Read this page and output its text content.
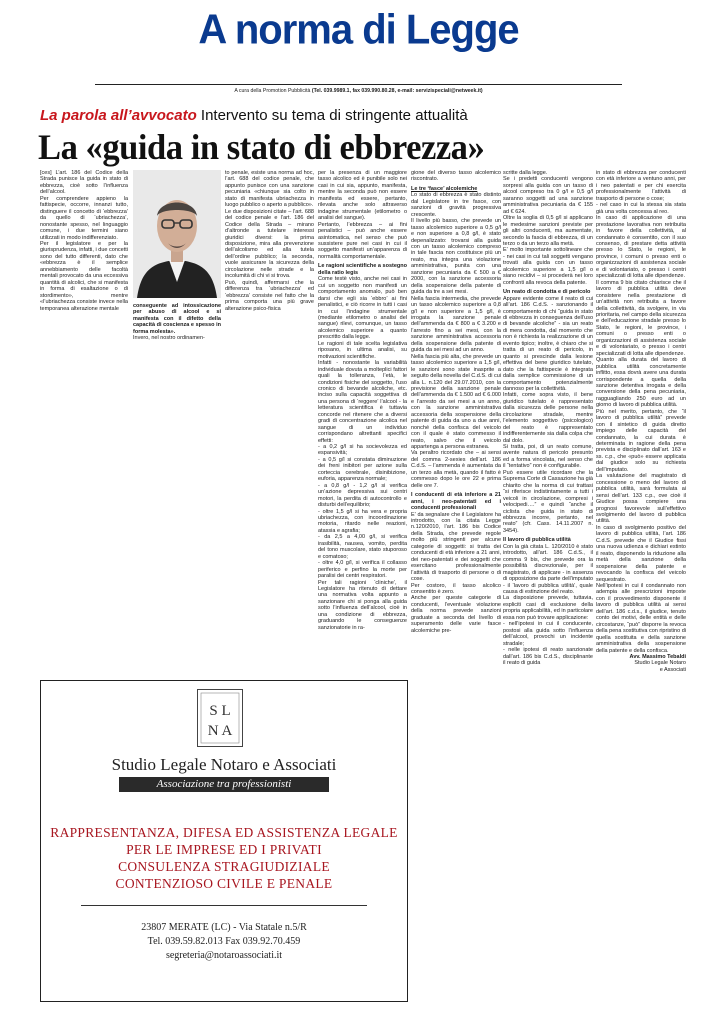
A norma di Legge
A cura della Promotion Pubblicità (Tel. 039.9989.1, fax 039.990.80.28, e-mail: servizispeciali@netweek.it)
La parola all’avvocato Intervento su tema di stringente attualità
La «guida in stato di ebbrezza»

[ces] L’art. 186 del Codice della Strada punisce la guida in stato di ebbrezza, cioè sotto l’influenza dell’alcool.

Per comprendere appieno la fattispecie, occorre, innanzi tutto, distinguere il concetto di ‘ebbrezza’ da quello di ‘ubriachezza’, nonostante spesso, nel linguaggio comune, i due termini siano utilizzati in modo indifferenziato.

Per il legislatore e per la giurisprudenza, infatti, i due concetti sono del tutto differenti, dato che «ebbrezza è il semplice annebbiamento delle facoltà mentali provocato da una eccessiva quantità di alcolici, che si manifesta in forma di esaltazione o di stordimento», mentre «l’ubriachezza consiste invece nella temporanea alterazione mentale	conseguente ad intossicazione per abuso di alcool e si manifesta con il difetto della capacità di coscienza e spesso in forma molesta».

Invero, nel nostro ordinamen-

to penale, esiste una norma ad hoc, l’art. 688 del codice penale, che appunto punisce con una sanzione pecuniaria «chiunque sia colto in stato di manifesta ubriachezza in luogo pubblico o aperto a pubblico».

Le due disposizioni citate – l’art. 688 del codice penale e l’art. 186 del Codice della Strada – mirano d’altronde a tutelare interessi giuridici diversi: la prima disposizione, mira alla prevenzione dell’alcolismo ed alla tutela dell’ordine pubblico; la seconda, vuole assicurare la sicurezza della circolazione nelle strade e la incolumità di chi vi si trova.

Può, quindi, affermarsi che la differenza tra ‘ubriachezza’ ed ‘ebbrezza’ consiste nel fatto che la prima comporta una più grave alterazione psico-fisica

per la presenza di un maggiore tasso alcolico ed è punibile solo nei casi in cui sia, appunto, manifesta, mentre la seconda può non essere manifesta ed essere, pertanto, rilevata anche solo attraverso indagine strumentale (etilometro o analisi del sangue).

Pertanto, l’ebbrezza – ai fini penalistici – può anche essere asintomatica, nel senso che può sussistere pure nei casi in cui il soggetto manifesti un’apparenza di normalità comportamentale.

Le ragioni scientifiche a sostegno della ratio legis

Come testè visto, anche nei casi in cui un soggetto non manifesti un comportamento anomalo, può ben darsi che egli sia ‘ebbro’ ai fini penalistici, e ciò ricorre in tutti i casi in cui l’indagine strumentale (mediante etilometro o analisi del sangue) rilevi, comunque, un tasso alcolemico superiore a quanto prescritto dalla legge.

Le ragioni di tale scelta legislativa riposano, in ultima analisi, su motivazioni scientifiche.

Infatti - nonostante la variabilità individuale dovuta a molteplici fattori quali la tolleranza, l’età, le condizioni fisiche del soggetto, l’uso cronico di bevande alcoliche, etc. inciso sulla capacità soggettiva di una persona di ‘reggere’ l’alcool - la letteratura scientifica è tuttavia concorde nel ritenere che a diversi gradi di concentrazione alcolica nel sangue di un individuo corrispondano altrettanti specifici effetti:

- a 0,2 g/l si ha socievolezza ed espansività;

- a 0,5 g/l si constata diminuzione dei freni inibitori per azione sulla corteccia cerebrale, disinibizione, euforia, apparenza normale;

- a 0,8 g/l - 1,2 g/l si verifica un’azione depressiva sui centri motori, la perdita di autocontrollo e disturbi dell’equilibrio;

- oltre 1,5 g/l si ha vera e propria ubriachezza, con incoordinazione motoria, ritardo nelle reazioni, atassia e agrafia;

- da 2,5 a 4,00 g/l, si verifica irasibilità, nausea, vomito, perdita del tono muscolare, stato stuporoso e comatoso;

- oltre 4,0 g/l, si verifica il collasso periferico e perfino la morte per paralisi dei centri respiratori.

Per tali ragioni ‘cliniche’, il Legislatore ha ritenuto di dettare una normativa volta appunto a sanzionare chi si ponga alla guida sotto l’influenza dell’alcool, cioè in una condizione di ebbrezza, graduando le conseguenze sanzionatorie in ra-

gione del diverso tasso alcolemico riscontrato.

Le tre ‘fasce’ alcolemiche

Lo stato di ebbrezza è stato distinto dal Legislatore in tre fasce, con sanzioni di gravità progressiva crescente.

Il livello più basso, che prevede un tasso alcolemico superiore a 0,5 g/l e non superiore a 0,8 g/l, è stato depenalizzato: trovarsi alla guida con un tasso alcolemico compreso in tale fascia non costituisce più un reato, ma integra una violazione amministrativa, punita con una sanzione pecuniaria da € 500 a € 2000, con la sanzione accessoria della sospensione della patente di guida da tre a sei mesi.

Nella fascia intermedia, che prevede un tasso alcolemico superiore a 0,8 g/l e non superiore a 1,5 g/l, è irrogata la sanzione penale dell’ammenda da € 800 a € 3.200 e l’arresto fino a sei mesi, con la sanzione amministrativa accessoria della sospensione della patente di guida da sei mesi ad un anno.

Nella fascia più alta, che prevede un tasso alcolemico superiore a 1,5 g/l, le sanzioni sono state inasprite a seguito della novella del C.d.S. di cui alla L. n.120 del 29.07.2010, con la previsione della sanzione penale dell’ammenda da € 1.500 ad € 6.000 e l’arresto da sei mesi a un anno, con la sanzione amministrativa accessoria della sospensione della patente di guida da uno a due anni, nonché della confisca del veicolo con il quale è stato commesso il reato, salvo che il veicolo appartenga a persona estranea.

Va peraltro ricordato che – ai sensi del comma 2-sexies dell’art. 186 C.d.S. – l’ammenda è aumentata da un terzo alla metà, quando il fatto è commesso dopo le ore 22 e prima delle ore 7.

I conducenti di età inferiore a 21 anni, i neo-patentati ed i conducenti professionali

E’ da segnalare che il Legislatore ha introdotto, con la citata Legge n.120/2010, l’art. 186 bis Codice della Strada, che prevede regole molto più stringenti per alcune categorie di soggetti: si tratta dei conducenti di età inferiore a 21 anni, dei neo-patentati e dei soggetti che esercitano professionalmente l’attività di trasporto di persone o di cose.

Per costoro, il tasso alcolico consentito è zero.

Anche per queste categorie di conducenti, l’eventuale violazione della norma prevede sanzioni graduate a seconda del livello di superamento delle varie fasce alcolemiche pre-

scritte dalla legge.

Se i predetti conducenti vengono sorpresi alla guida con un tasso di alcool compreso tra 0 g/l e 0,5 g/l saranno soggetti ad una sanzione amministrativa pecuniaria da € 155 ad € 624.

Oltre la soglia di 0,5 g/l si applicano le medesime sanzioni previste per gli altri conducenti, ma aumentate, secondo la fascia di ebbrezza, di un terzo o da un terzo alla metà.

E’ molto importante sottolineare che - nei casi in cui tali soggetti vengano trovati alla guida con un tasso alcolemico superiore a 1,5 g/l o siano recidivi – si procederà nei loro confronti alla revoca della patente.

Un reato di condotta e di pericolo

Appare evidente come il reato di cui all’art. 186 C.d.S. - sanzionando il comportamento di chi “guida in stato di ebbrezza in conseguenza dell’uso di bevande alcoliche” - sia un reato di mera condotta, dal momento che non è richiesta la realizzazione di un evento tipico; inoltre, è chiaro che si tratta di un reato di pericolo, in quanto si prescinde dalla lesione effettiva del bene giuridico tutelato, dato che la fattispecie è integrata dalla semplice commissione di un comportamento potenzialmente dannoso per la collettività.

Infatti, come sopra visto, il bene giuridico tutelato è rappresentato dalla sicurezza delle persone nella circolazione stradale, mentre l’elemento soggettivo (psicologico) del reato è rappresentato indifferentemente sia dalla colpa che dal dolo.

Si tratta, poi, di un reato comune, avente natura di pericolo presunto ed a forma vincolata, nel senso che il “tentativo” non è configurabile.

Può essere utile ricordare che la Suprema Corte di Cassazione ha già chiarito che la norma di cui trattasi “si riferisce indistintamente a tutti i veicoli in circolazione, compresi i velocipedi….” e quindi “anche il ciclista che guida in stato di ebbrezza incorre, pertanto, nel reato” (cfr. Cass. 14.11.2007 n. 3454).

Il lavoro di pubblica utilità

Con la già citata L. 120/2010 è stato introdotto, all’art. 186 C.d.S., il comma 9 bis, che prevede ora la possibilità discrezionale, per il magistrato, di applicare - in assenza di opposizione da parte dell’imputato - il ‘lavoro di pubblica utilità’, quale causa di estinzione del reato.

La disposizione prevede, tuttavia, espliciti casi di esclusione della propria applicabilità, ed in particolare essa non può trovare applicazione:

- nell’ipotesi in cui il conducente, postosi alla guida sotto l’influenza dell’alcool, provochi un incidente stradale;

- nelle ipotesi di reato sanzionate dall’art. 186 bis C.d.S., disciplinante il reato di guida

in stato di ebbrezza per conducenti con età inferiore a ventuno anni, per i neo patentati e per chi esercita professionalmente l’attività di trasporto di persone o cose;

- nel caso in cui la stessa sia stata già una volta concessa al reo.

In caso di applicazione di una prestazione lavorativa non retribuita in favore della collettività, al condannato è consentito, con il suo consenso, di prestare detta attività presso lo Stato, le regioni, le province, i comuni o presso enti o organizzazioni di assistenza sociale e di volontariato, o presso i centri specializzati di lotta alle dipendenze.

Il comma 9 bis citato chiarisce che il lavoro di pubblica utilità deve consistere nella prestazione di un’attività non retribuita a favore della collettività, da svolgere, in via prioritaria, nel campo della sicurezza e dell’educazione stradale presso lo Stato, le regioni, le province, i comuni o presso enti o organizzazioni di assistenza sociale e di volontariato, o presso i centri specializzati di lotta alle dipendenze.

Quanto alla durata del lavoro di pubblica utilità concretamente inflitto, essa dovrà avere una durata corrispondente a quella della sanzione detentiva irrogata e della conversione della pena pecuniaria, ragguagliando 250 euro ad un giorno di lavoro di pubblica utilità.

Più nel merito, pertanto, che “il lavoro di pubblica utilità” prevede con il sintetico di guida diretto impiego delle capacità del condannato, la cui durata è determinata in ragione della pena prevista e disciplinato dall’art. 163 e ss. c.p., che «può» essere applicata dal giudice solo su richiesta dell’imputato.

La valutazione del magistrato di concessione o meno del lavoro di pubblica utilità, sarà formulata ai sensi dell’art. 133 c.p., ove cioè il Giudice possa compiere una prognosi favorevole sull’effettivo svolgimento del lavoro di pubblica utilità.

In caso di svolgimento positivo del lavoro di pubblica utilità, l’art. 186 C.d.S. prevede che il Giudice fissi una nuova udienza e dichiari estinto il reato, disponendo la riduzione alla metà della sanzione della sospensione della patente e revocando la confisca del veicolo sequestrato.

Nell’ipotesi in cui il condannato non adempia alle prescrizioni imposte con il provvedimento disponente il lavoro di pubblica utilità ai sensi dell’art. 186 c.d.s., il giudice, tenuto conto dei motivi, delle entità e delle circostanze, “può” disporre la revoca della pena sostitutiva con ripristino di quella sostituita e della sanzione amministrativa della sospensione della patente e della confisca.

Avv. Massimo Tebaldi
Studio Legale Notaro
e Associati
S L
N A
Studio Legale Notaro e Associati
Associazione tra professionisti
RAPPRESENTANZA, DIFESA ED ASSISTENZA LEGALE
PER LE IMPRESE ED I PRIVATI
CONSULENZA STRAGIUDIZIALE
CONTENZIOSO CIVILE E PENALE
23807 MERATE (LC) - Via Statale n.5/R
Tel. 039.59.82.013 Fax 039.92.70.459
segreteria@notaroassociati.it
